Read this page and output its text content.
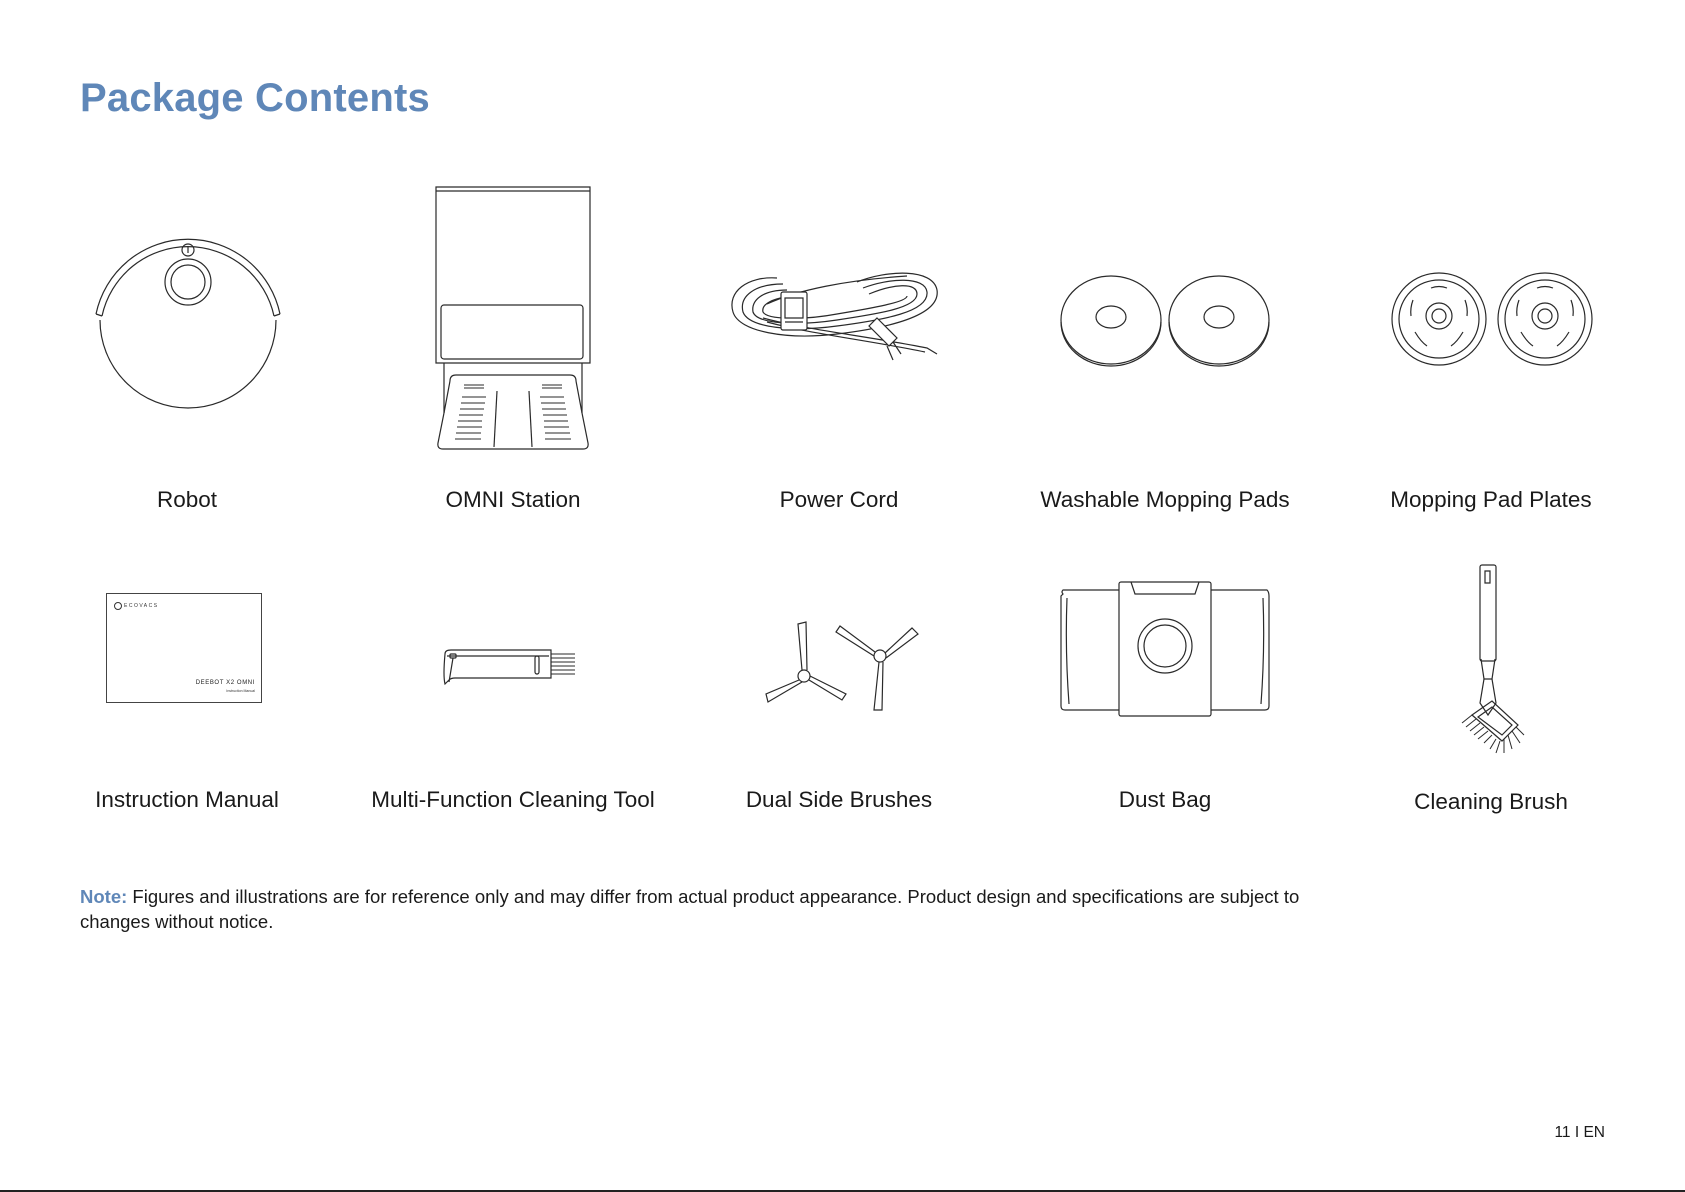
Package Contents
Robot	OMNI Station	Power Cord	Washable Mopping Pads	Mopping Pad Plates
ECOVACS
DEEBOT X2 OMNI
Instruction Manual
Instruction Manual	Multi-Function Cleaning Tool	Dual Side Brushes	Dust Bag	Cleaning Brush

Note: Figures and illustrations are for reference only and may differ from actual product appearance. Product design and specifications are subject to changes without notice.

11 I EN
